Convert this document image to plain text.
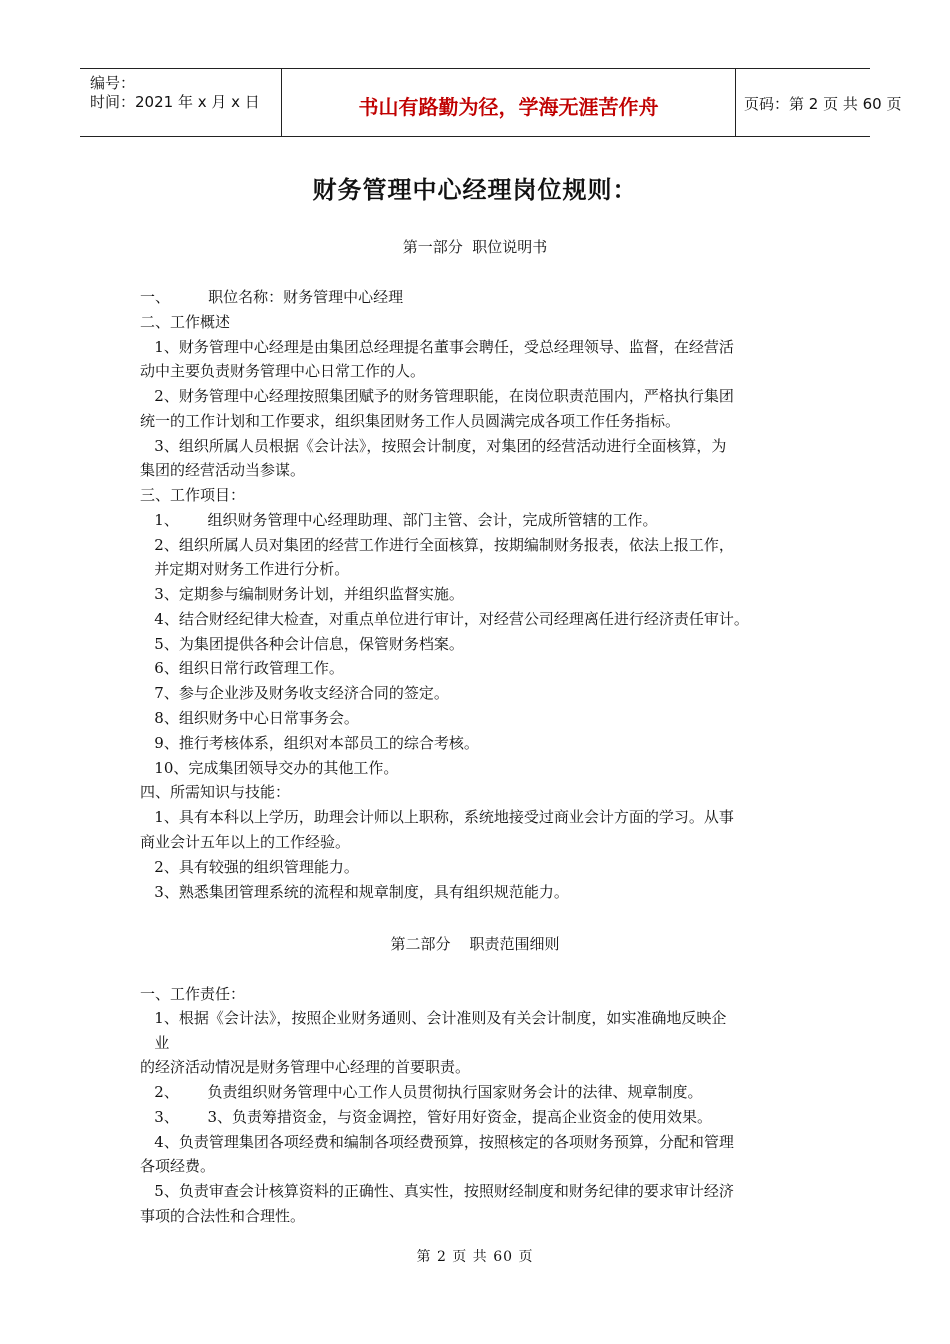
编号：
时间：2021 年 x 月 x 日	书山有路勤为径，学海无涯苦作舟	页码：第 2 页 共 60 页
财务管理中心经理岗位规则：
第一部分  职位说明书
一、        职位名称：财务管理中心经理
二、工作概述
1、财务管理中心经理是由集团总经理提名董事会聘任，受总经理领导、监督，在经营活
动中主要负责财务管理中心日常工作的人。
2、财务管理中心经理按照集团赋予的财务管理职能，在岗位职责范围内，严格执行集团
统一的工作计划和工作要求，组织集团财务工作人员圆满完成各项工作任务指标。
3、组织所属人员根据《会计法》，按照会计制度，对集团的经营活动进行全面核算，为
集团的经营活动当参谋。
三、工作项目：
1、      组织财务管理中心经理助理、部门主管、会计，完成所管辖的工作。
2、组织所属人员对集团的经营工作进行全面核算，按期编制财务报表，依法上报工作，
并定期对财务工作进行分析。
3、定期参与编制财务计划，并组织监督实施。
4、结合财经纪律大检查，对重点单位进行审计，对经营公司经理离任进行经济责任审计。
5、为集团提供各种会计信息，保管财务档案。
6、组织日常行政管理工作。
7、参与企业涉及财务收支经济合同的签定。
8、组织财务中心日常事务会。
9、推行考核体系，组织对本部员工的综合考核。
10、完成集团领导交办的其他工作。
四、所需知识与技能：
1、具有本科以上学历，助理会计师以上职称，系统地接受过商业会计方面的学习。从事
商业会计五年以上的工作经验。
2、具有较强的组织管理能力。
3、熟悉集团管理系统的流程和规章制度，具有组织规范能力。
第二部分    职责范围细则
一、工作责任：
1、根据《会计法》，按照企业财务通则、会计准则及有关会计制度，如实准确地反映企
业
的经济活动情况是财务管理中心经理的首要职责。
2、      负责组织财务管理中心工作人员贯彻执行国家财务会计的法律、规章制度。
3、      3、负责筹措资金，与资金调控，管好用好资金，提高企业资金的使用效果。
4、负责管理集团各项经费和编制各项经费预算，按照核定的各项财务预算，分配和管理
各项经费。
5、负责审查会计核算资料的正确性、真实性，按照财经制度和财务纪律的要求审计经济
事项的合法性和合理性。
第 2 页 共 60 页
